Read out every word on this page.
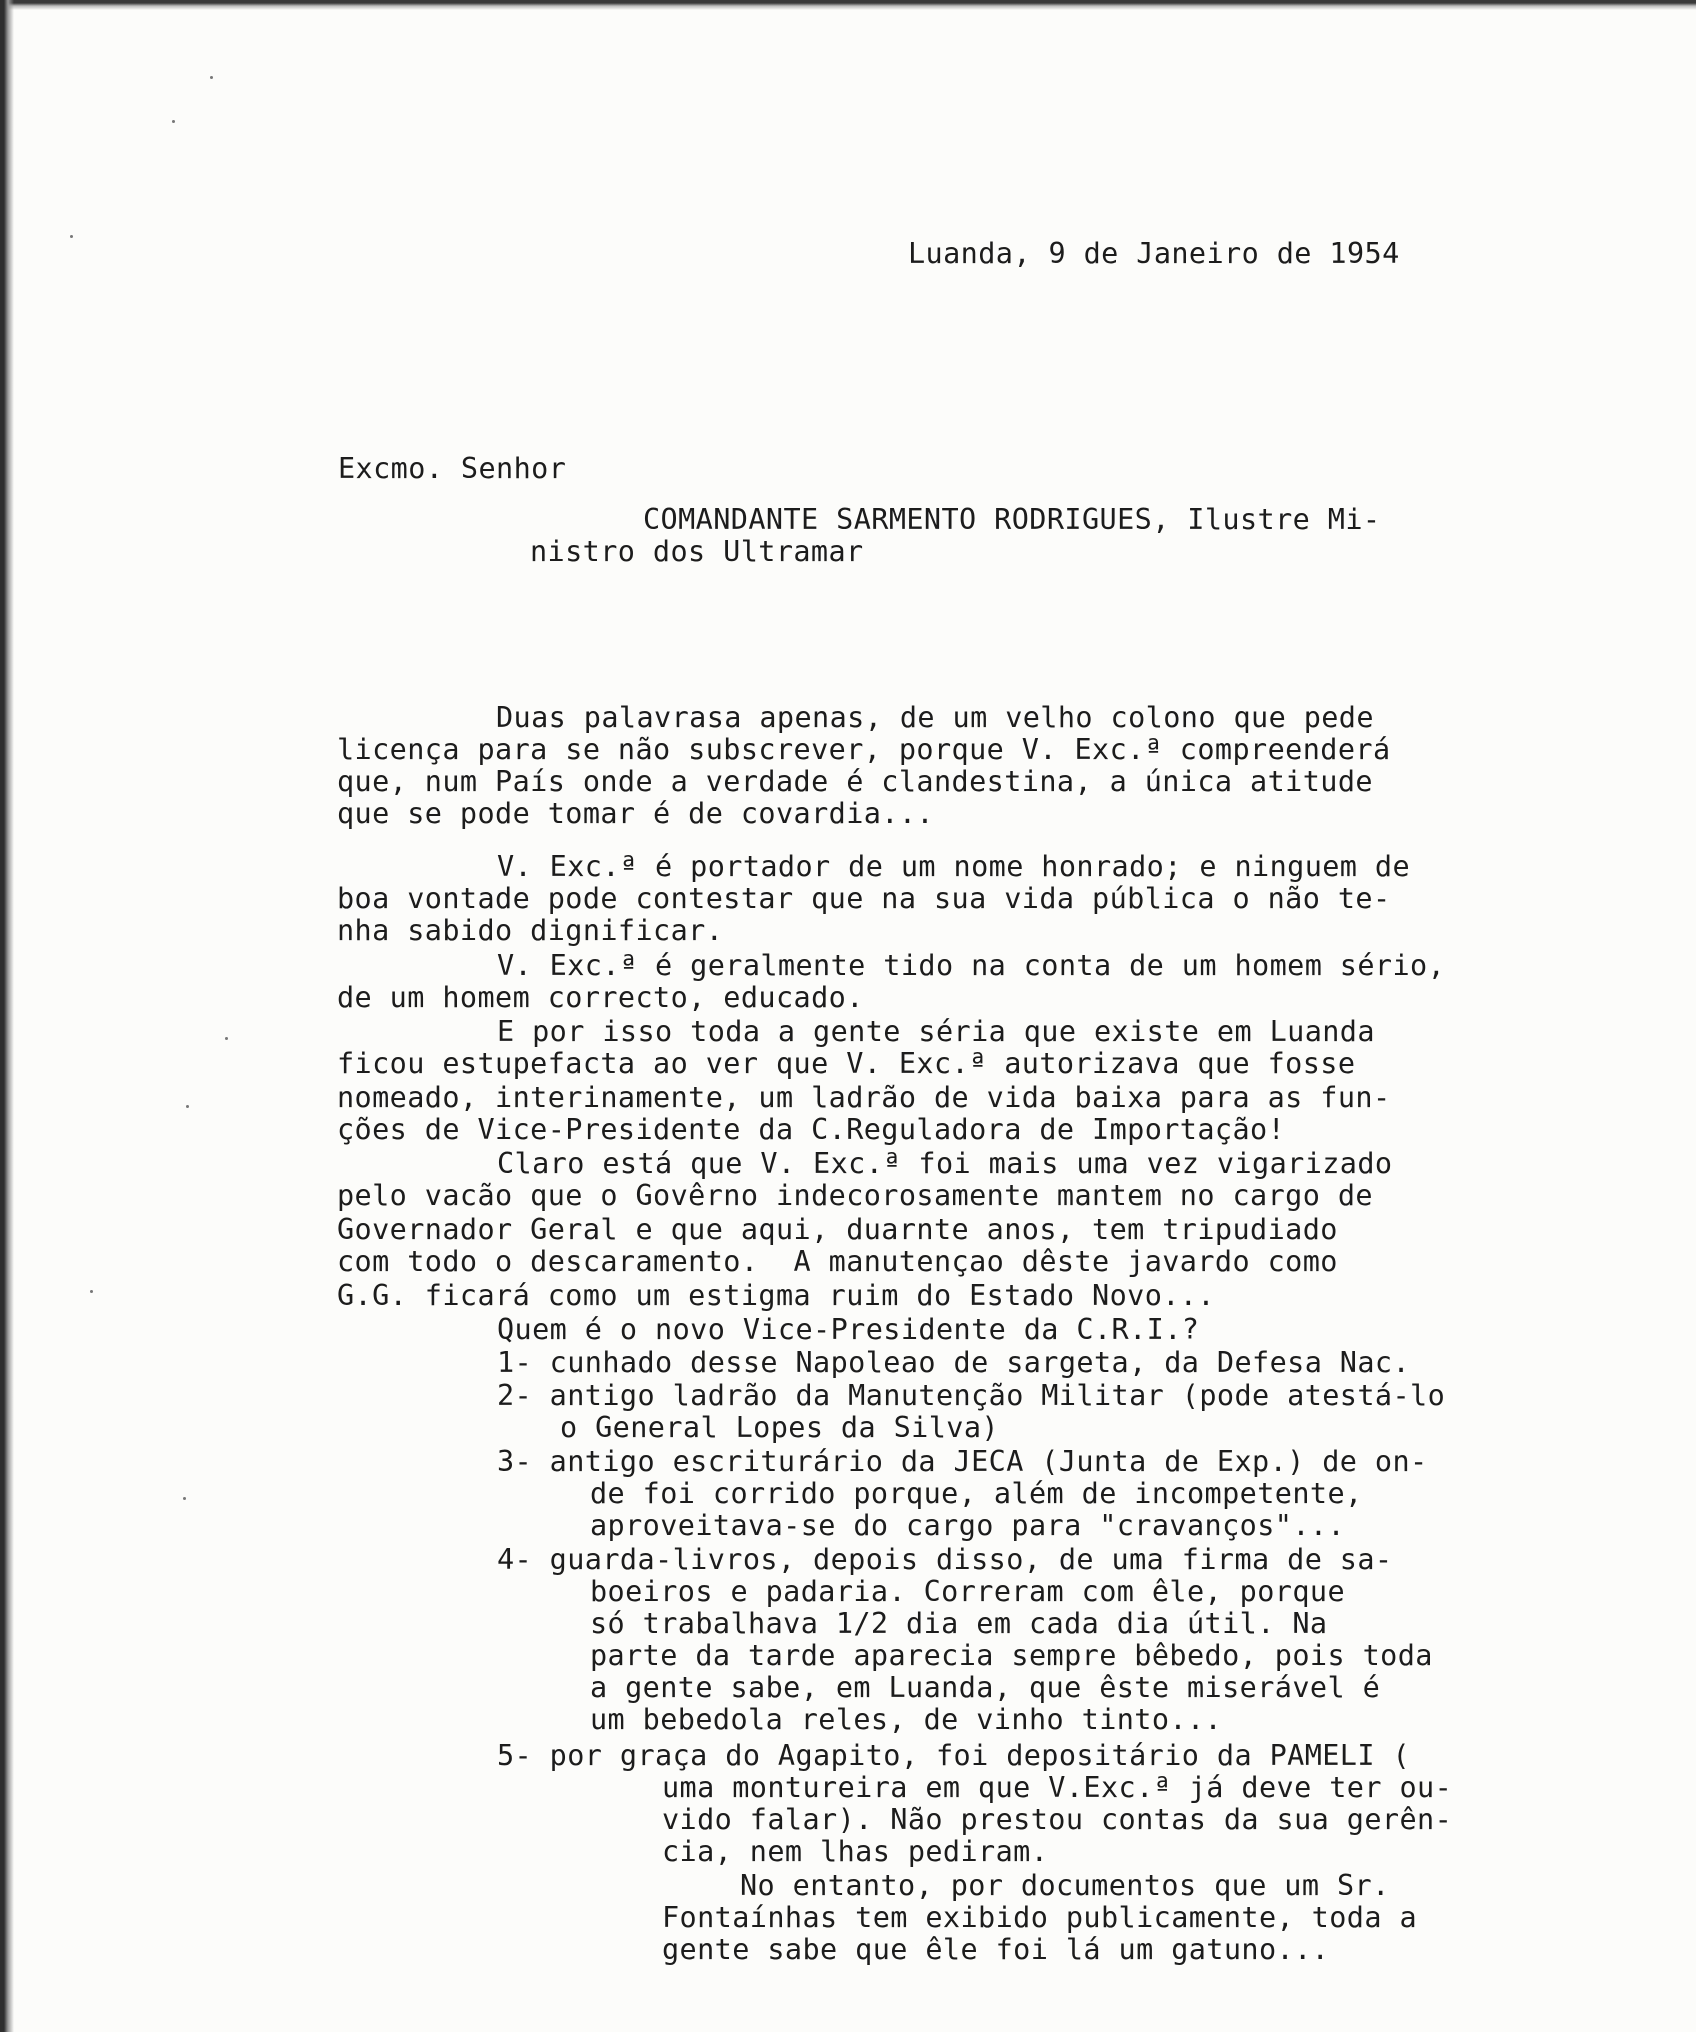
Luanda, 9 de Janeiro de 1954
Excmo. Senhor
COMANDANTE SARMENTO RODRIGUES, Ilustre Mi-
nistro dos Ultramar
Duas palavrasa apenas, de um velho colono que pede
licença para se não subscrever, porque V. Exc.ª compreenderá
que, num País onde a verdade é clandestina, a única atitude
que se pode tomar é de covardia...
V. Exc.ª é portador de um nome honrado; e ninguem de
boa vontade pode contestar que na sua vida pública o não te-
nha sabido dignificar.
V. Exc.ª é geralmente tido na conta de um homem sério,
de um homem correcto, educado.
E por isso toda a gente séria que existe em Luanda
ficou estupefacta ao ver que V. Exc.ª autorizava que fosse
nomeado, interinamente, um ladrão de vida baixa para as fun-
ções de Vice-Presidente da C.Reguladora de Importação!
Claro está que V. Exc.ª foi mais uma vez vigarizado
pelo vacão que o Govêrno indecorosamente mantem no cargo de
Governador Geral e que aqui, duarnte anos, tem tripudiado
com todo o descaramento.  A manutençao dêste javardo como
G.G. ficará como um estigma ruim do Estado Novo...
Quem é o novo Vice-Presidente da C.R.I.?
1- cunhado desse Napoleao de sargeta, da Defesa Nac.
2- antigo ladrão da Manutenção Militar (pode atestá-lo
o General Lopes da Silva)
3- antigo escriturário da JECA (Junta de Exp.) de on-
de foi corrido porque, além de incompetente,
aproveitava-se do cargo para "cravanços"...
4- guarda-livros, depois disso, de uma firma de sa-
boeiros e padaria. Correram com êle, porque
só trabalhava 1/2 dia em cada dia útil. Na
parte da tarde aparecia sempre bêbedo, pois toda
a gente sabe, em Luanda, que êste miserável é
um bebedola reles, de vinho tinto...
5- por graça do Agapito, foi depositário da PAMELI (
uma montureira em que V.Exc.ª já deve ter ou-
vido falar). Não prestou contas da sua gerên-
cia, nem lhas pediram.
No entanto, por documentos que um Sr.
Fontaínhas tem exibido publicamente, toda a
gente sabe que êle foi lá um gatuno...
